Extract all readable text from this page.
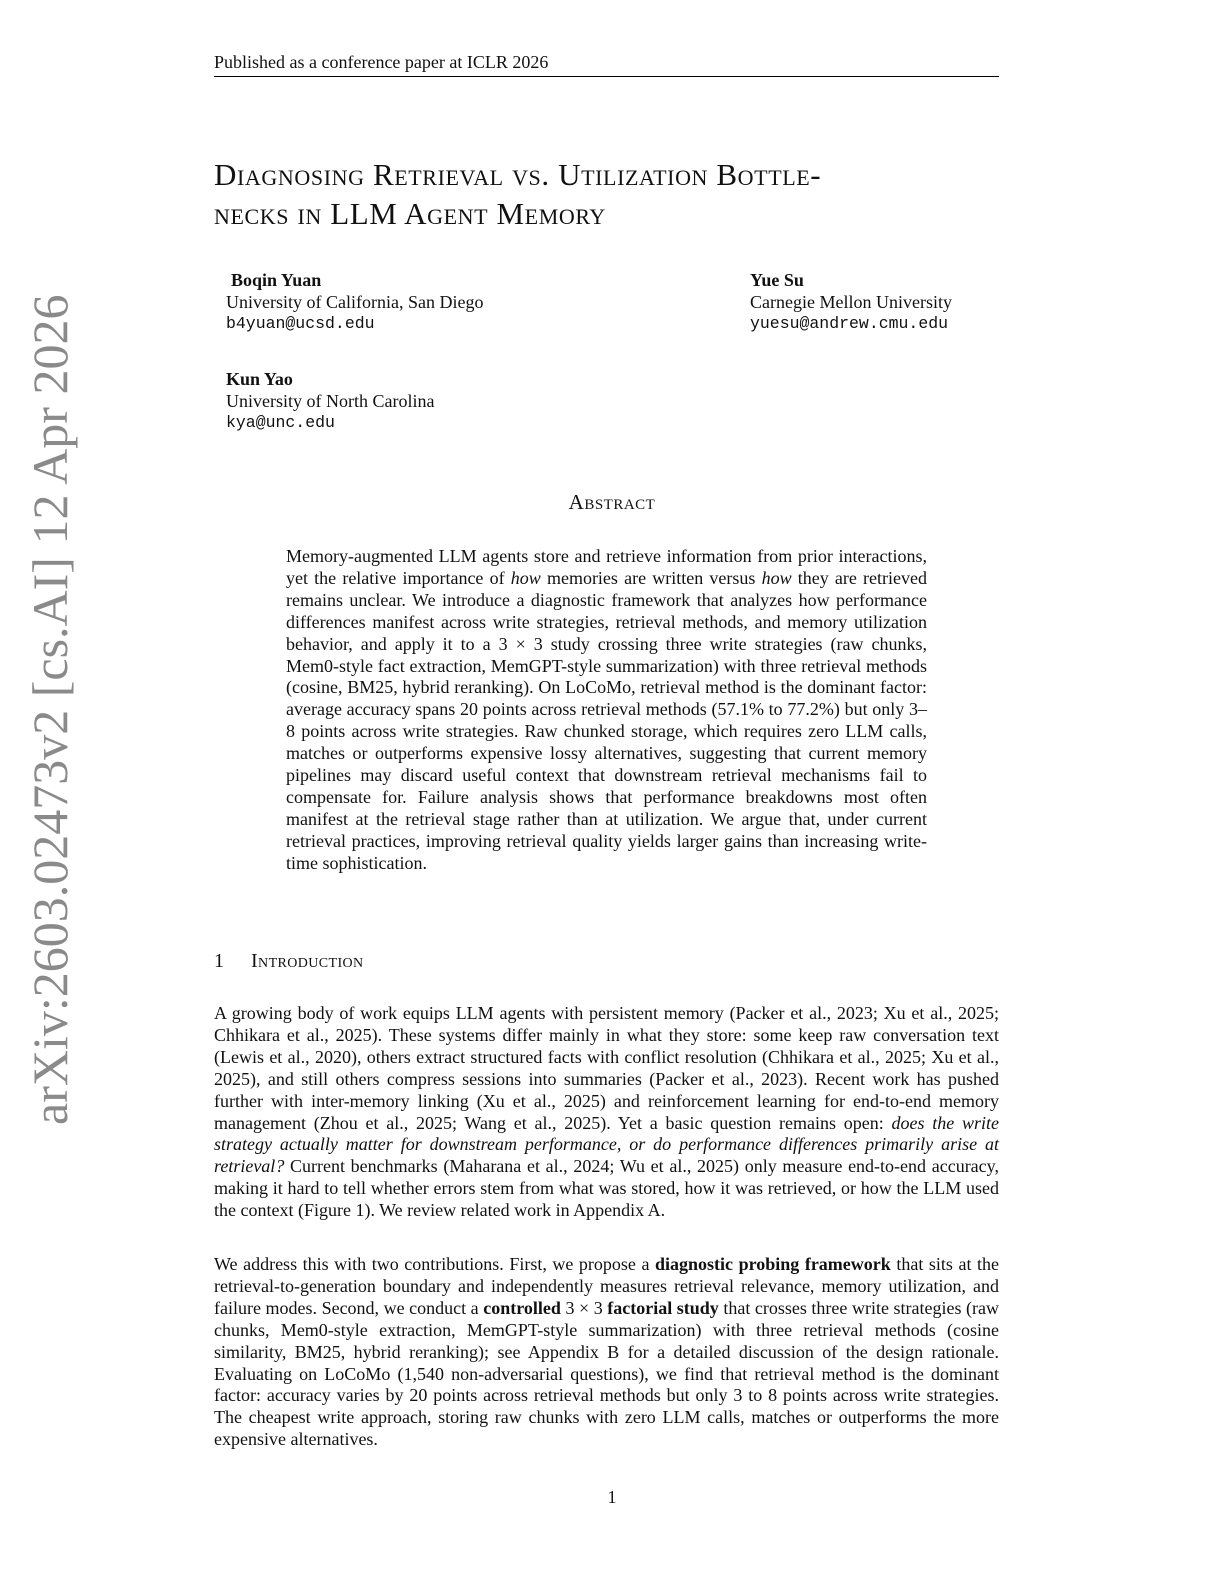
Published as a conference paper at ICLR 2026
arXiv:2603.02473v2 [cs.AI] 12 Apr 2026
Diagnosing Retrieval vs. Utilization Bottle-
necks in LLM Agent Memory
Boqin Yuan
University of California, San Diego
b4yuan@ucsd.edu
Yue Su
Carnegie Mellon University
yuesu@andrew.cmu.edu
Kun Yao
University of North Carolina
kya@unc.edu
Abstract
Memory-augmented LLM agents store and retrieve information from prior interactions, yet the relative importance of how memories are written versus how they are retrieved remains unclear. We introduce a diagnostic framework that analyzes how performance differences manifest across write strategies, retrieval methods, and memory utilization behavior, and apply it to a 3 × 3 study crossing three write strategies (raw chunks, Mem0-style fact extraction, MemGPT-style summarization) with three retrieval methods (cosine, BM25, hybrid reranking). On LoCoMo, retrieval method is the dominant factor: average accuracy spans 20 points across retrieval methods (57.1% to 77.2%) but only 3–8 points across write strategies. Raw chunked storage, which requires zero LLM calls, matches or outperforms expensive lossy alternatives, suggesting that current memory pipelines may discard useful context that downstream retrieval mechanisms fail to compensate for. Failure analysis shows that performance breakdowns most often manifest at the retrieval stage rather than at utilization. We argue that, under current retrieval practices, improving retrieval quality yields larger gains than increasing write-time sophistication.
1 Introduction
A growing body of work equips LLM agents with persistent memory (Packer et al., 2023; Xu et al., 2025; Chhikara et al., 2025). These systems differ mainly in what they store: some keep raw conversation text (Lewis et al., 2020), others extract structured facts with conflict resolution (Chhikara et al., 2025; Xu et al., 2025), and still others compress sessions into summaries (Packer et al., 2023). Recent work has pushed further with inter-memory linking (Xu et al., 2025) and reinforcement learning for end-to-end memory management (Zhou et al., 2025; Wang et al., 2025). Yet a basic question remains open: does the write strategy actually matter for downstream performance, or do performance differences primarily arise at retrieval? Current benchmarks (Maharana et al., 2024; Wu et al., 2025) only measure end-to-end accuracy, making it hard to tell whether errors stem from what was stored, how it was retrieved, or how the LLM used the context (Figure 1). We review related work in Appendix A.
We address this with two contributions. First, we propose a diagnostic probing framework that sits at the retrieval-to-generation boundary and independently measures retrieval relevance, memory utilization, and failure modes. Second, we conduct a controlled 3 × 3 factorial study that crosses three write strategies (raw chunks, Mem0-style extraction, MemGPT-style summarization) with three retrieval methods (cosine similarity, BM25, hybrid reranking); see Appendix B for a detailed discussion of the design rationale. Evaluating on LoCoMo (1,540 non-adversarial questions), we find that retrieval method is the dominant factor: accuracy varies by 20 points across retrieval methods but only 3 to 8 points across write strategies. The cheapest write approach, storing raw chunks with zero LLM calls, matches or outperforms the more expensive alternatives.
1
